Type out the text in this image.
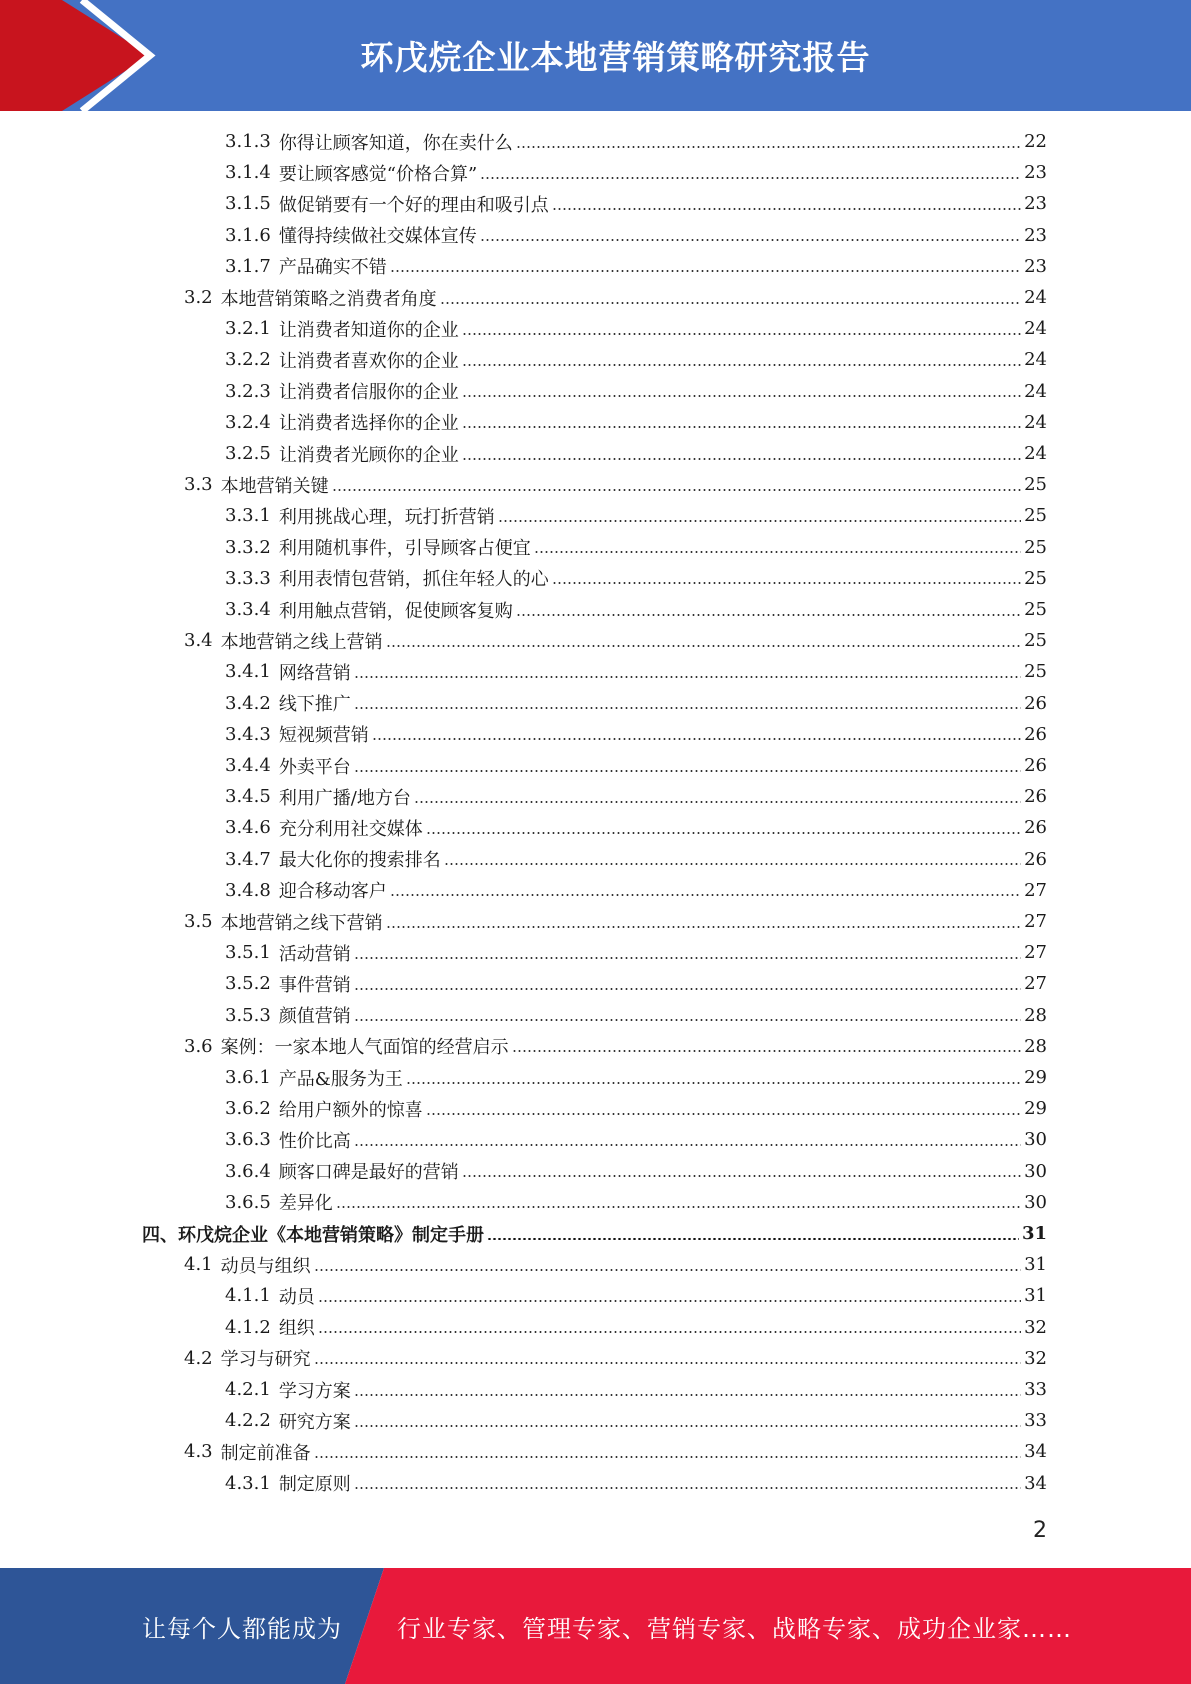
环戊烷企业本地营销策略研究报告
3.1.3 你得让顾客知道，你在卖什么	22
3.1.4 要让顾客感觉“价格合算”	23
3.1.5 做促销要有一个好的理由和吸引点	23
3.1.6 懂得持续做社交媒体宣传	23
3.1.7 产品确实不错	23
3.2 本地营销策略之消费者角度	24
3.2.1 让消费者知道你的企业	24
3.2.2 让消费者喜欢你的企业	24
3.2.3 让消费者信服你的企业	24
3.2.4 让消费者选择你的企业	24
3.2.5 让消费者光顾你的企业	24
3.3 本地营销关键	25
3.3.1 利用挑战心理，玩打折营销	25
3.3.2 利用随机事件，引导顾客占便宜	25
3.3.3 利用表情包营销，抓住年轻人的心	25
3.3.4 利用触点营销，促使顾客复购	25
3.4 本地营销之线上营销	25
3.4.1 网络营销	25
3.4.2 线下推广	26
3.4.3 短视频营销	26
3.4.4 外卖平台	26
3.4.5 利用广播/地方台	26
3.4.6 充分利用社交媒体	26
3.4.7 最大化你的搜索排名	26
3.4.8 迎合移动客户	27
3.5 本地营销之线下营销	27
3.5.1 活动营销	27
3.5.2 事件营销	27
3.5.3 颜值营销	28
3.6 案例：一家本地人气面馆的经营启示	28
3.6.1 产品&服务为王	29
3.6.2 给用户额外的惊喜	29
3.6.3 性价比高	30
3.6.4 顾客口碑是最好的营销	30
3.6.5 差异化	30
四、环戊烷企业《本地营销策略》制定手册	31
4.1 动员与组织	31
4.1.1 动员	31
4.1.2 组织	32
4.2 学习与研究	32
4.2.1 学习方案	33
4.2.2 研究方案	33
4.3 制定前准备	34
4.3.1 制定原则	34
2
让每个人都能成为 行业专家、管理专家、营销专家、战略专家、成功企业家……
